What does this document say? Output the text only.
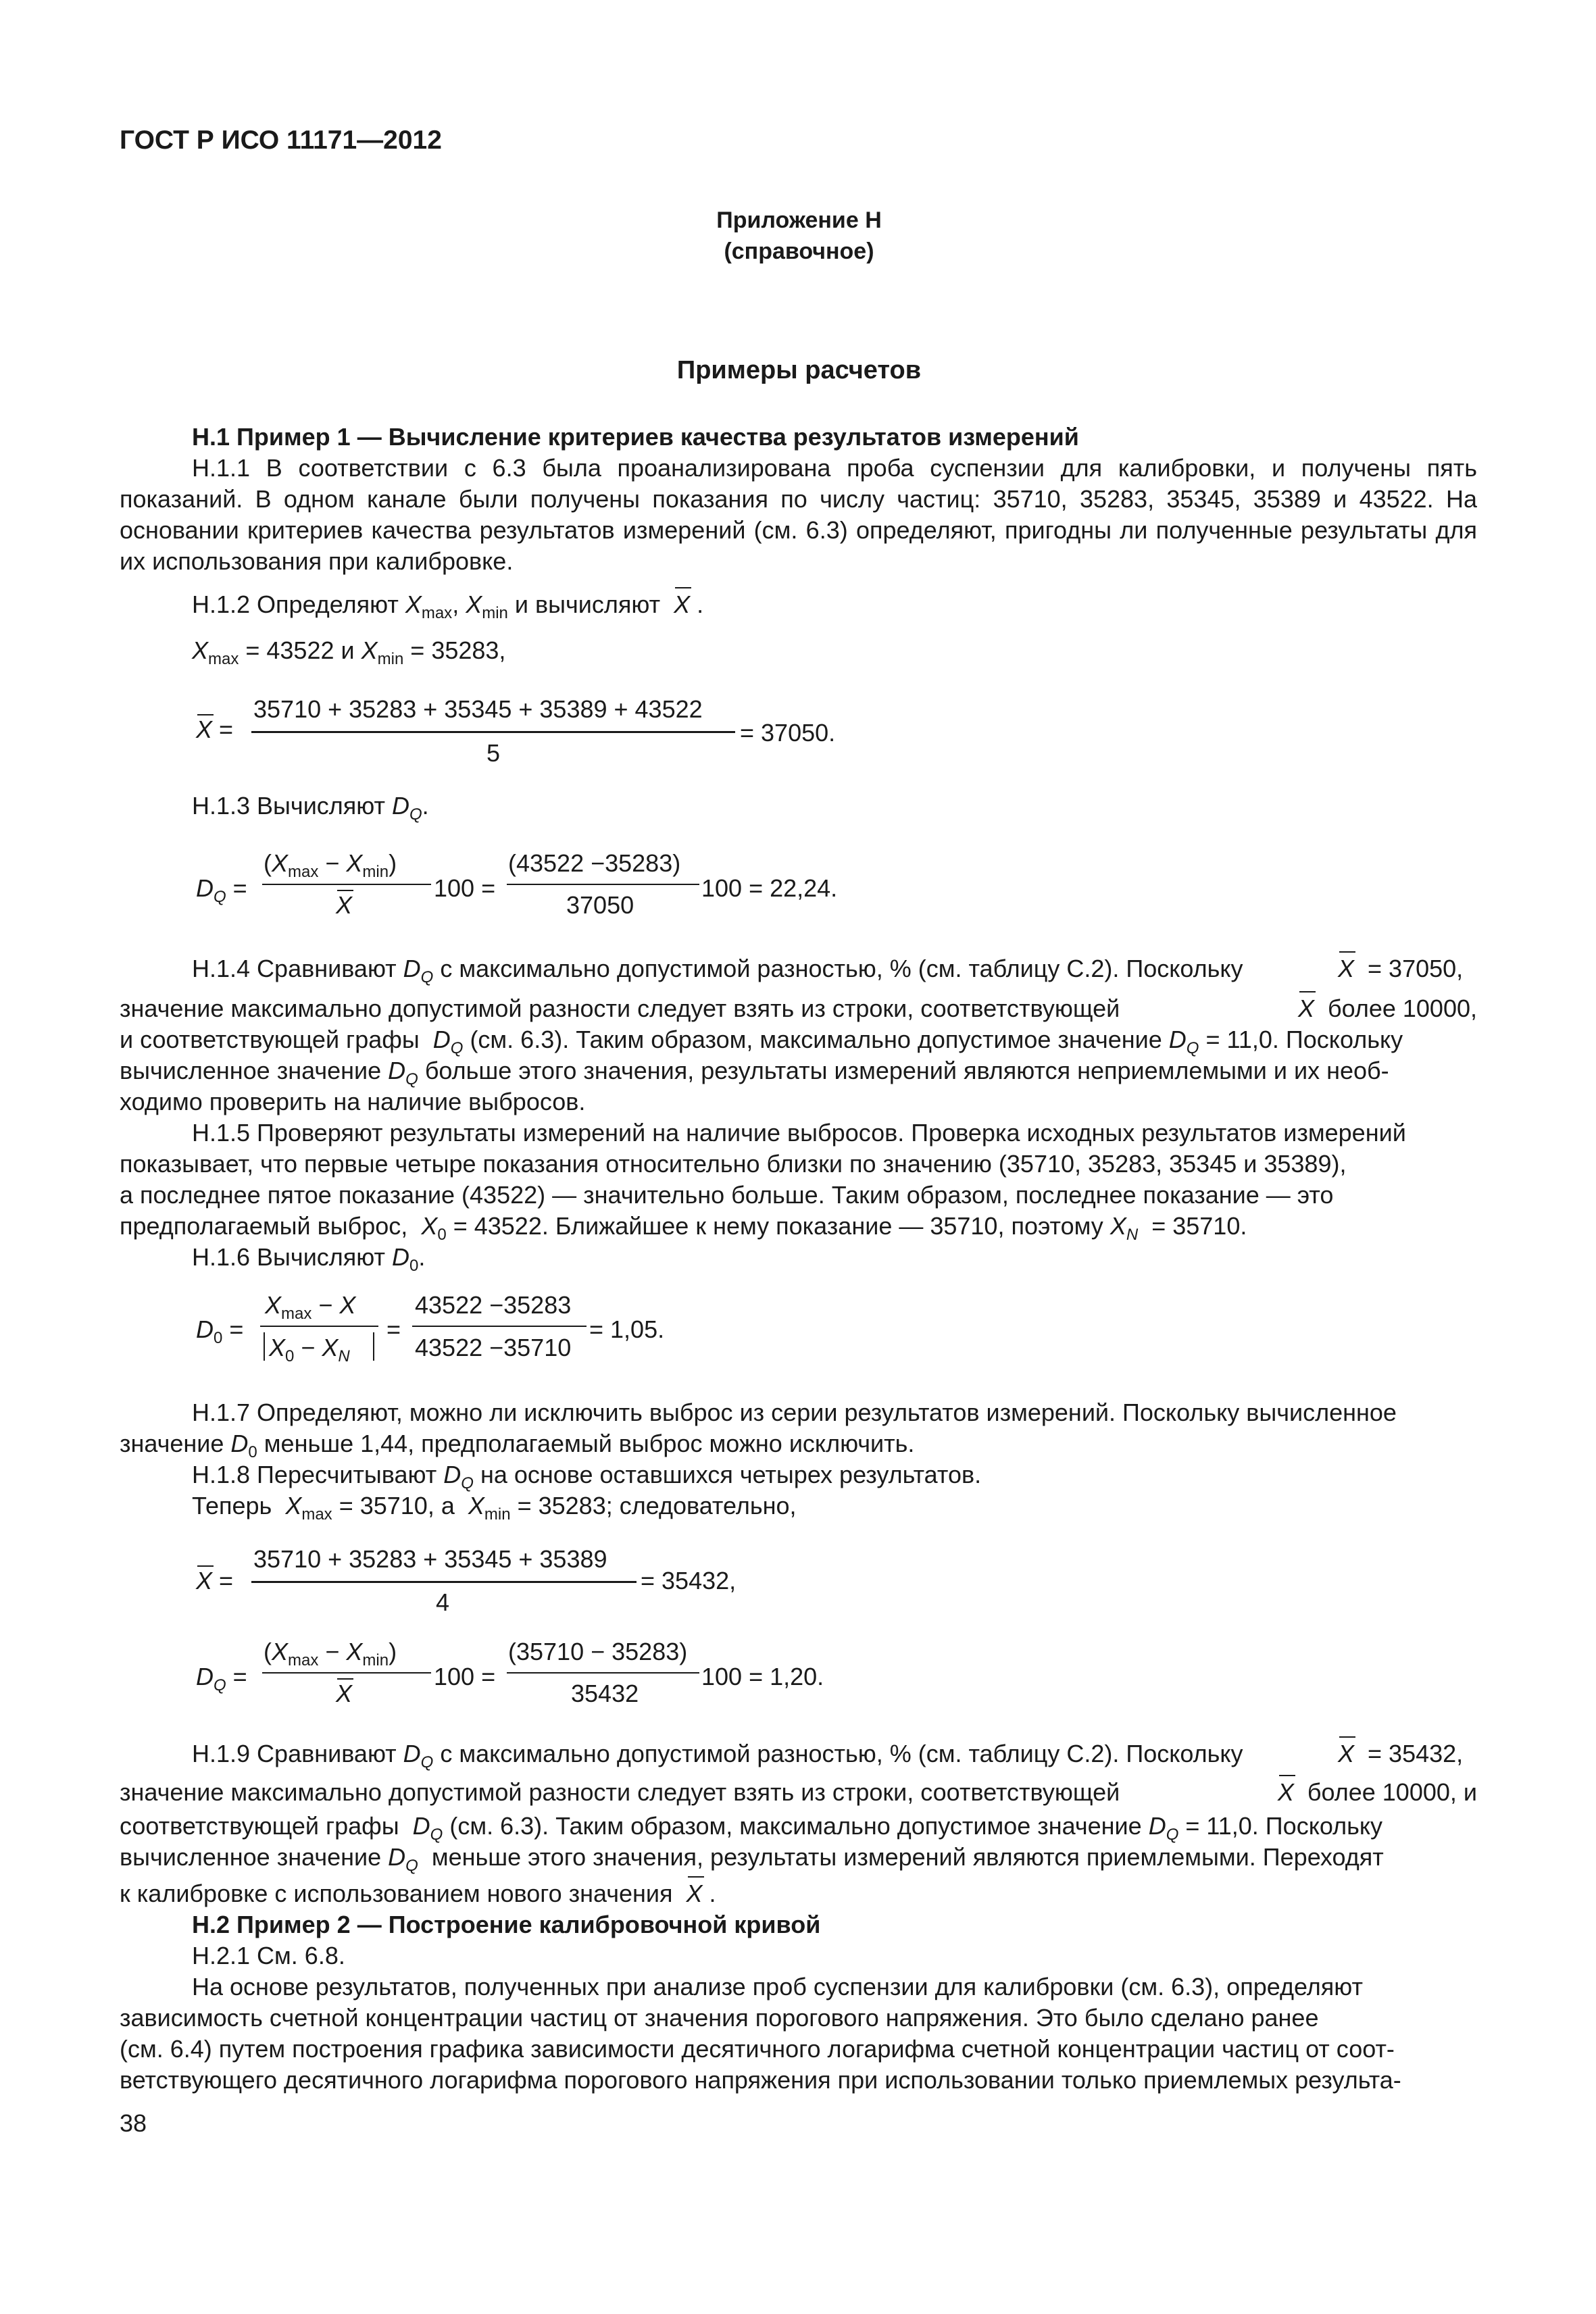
ГОСТ Р ИСО 11171—2012
Приложение Н
(справочное)
Примеры расчетов
Н.1 Пример 1 — Вычисление критериев качества результатов измерений
Н.1.1 В соответствии с 6.3 была проанализирована проба суспензии для калибровки, и получены пять показаний. В одном канале были получены показания по числу частиц: 35710, 35283, 35345, 35389 и 43522. На основании критериев качества результатов измерений (см. 6.3) определяют, пригодны ли полученные результаты для их использования при калибровке.
Н.1.2 Определяют $X_{max}$, $X_{min}$ и вычисляют  X .
$X_{max} = 43522$ и $X_{min} = 35283$,
X =
35710 + 35283 + 35345 + 35389 + 43522
5
= 37050.
Н.1.3 Вычисляют $D_Q$.
$D_Q$ =
$(X_{max} - X_{min})$
X
100 =
(43522 −35283)
37050
100 = 22,24.
Н.1.4 Сравнивают $D_Q$ с максимально допустимой разностью, % (см. таблицу С.2). Поскольку	X = 37050,
значение максимально допустимой разности следует взять из строки, соответствующей	X более 10000,
и соответствующей графы $D_Q$ (см. 6.3). Таким образом, максимально допустимое значение $D_Q = 11,0$. Поскольку
вычисленное значение $D_Q$ больше этого значения, результаты измерений являются неприемлемыми и их необ-
ходимо проверить на наличие выбросов.
Н.1.5 Проверяют результаты измерений на наличие выбросов. Проверка исходных результатов измерений
показывает, что первые четыре показания относительно близки по значению (35710, 35283, 35345 и 35389),
а последнее пятое показание (43522) — значительно больше. Таким образом, последнее показание — это
предполагаемый выброс, $X_0 = 43522$. Ближайшее к нему показание — 35710, поэтому $X_N = 35710$.
Н.1.6 Вычисляют $D_0$.
$D_0$ =
$X_{max} - X$
$X_0 - X_N$
=
43522 −35283
43522 −35710
= 1,05.
Н.1.7 Определяют, можно ли исключить выброс из серии результатов измерений. Поскольку вычисленное
значение $D_0$ меньше 1,44, предполагаемый выброс можно исключить.
Н.1.8 Пересчитывают $D_Q$ на основе оставшихся четырех результатов.
Теперь $X_{max} = 35710$, а $X_{min} = 35283$; следовательно,
X =
35710 + 35283 + 35345 + 35389
4
= 35432,
$D_Q$ =
$(X_{max} - X_{min})$
X
100 =
(35710 − 35283)
35432
100 = 1,20.
Н.1.9 Сравнивают $D_Q$ с максимально допустимой разностью, % (см. таблицу С.2). Поскольку	X = 35432,
значение максимально допустимой разности следует взять из строки, соответствующей	X более 10000, и
соответствующей графы $D_Q$ (см. 6.3). Таким образом, максимально допустимое значение $D_Q = 11,0$. Поскольку
вычисленное значение $D_Q$ меньше этого значения, результаты измерений являются приемлемыми. Переходят
к калибровке с использованием нового значения X .
Н.2 Пример 2 — Построение калибровочной кривой
Н.2.1 См. 6.8.
На основе результатов, полученных при анализе проб суспензии для калибровки (см. 6.3), определяют
зависимость счетной концентрации частиц от значения порогового напряжения. Это было сделано ранее
(см. 6.4) путем построения графика зависимости десятичного логарифма счетной концентрации частиц от соот-
ветствующего десятичного логарифма порогового напряжения при использовании только приемлемых результа-
38
